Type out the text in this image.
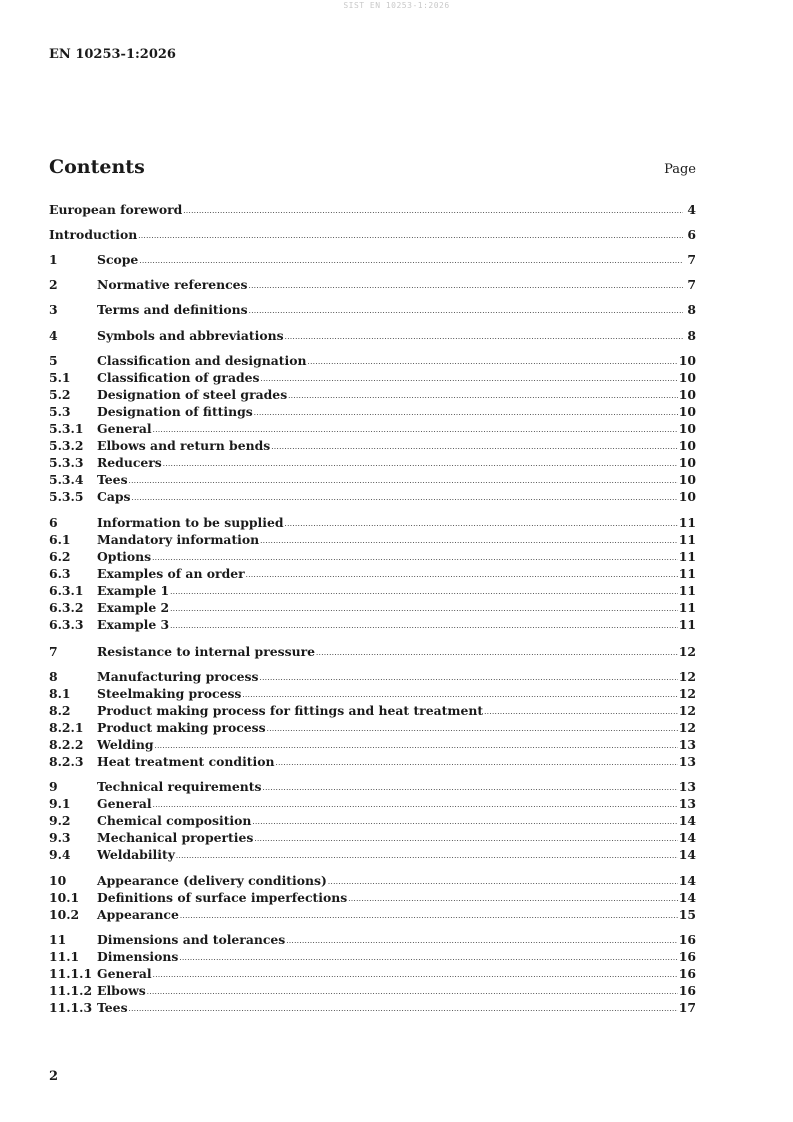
SIST EN 10253-1:2026
EN 10253-1:2026
Contents	Page
European foreword .....	4
Introduction .....	6
1	Scope .....	7
2	Normative references .....	7
3	Terms and definitions .....	8
4	Symbols and abbreviations .....	8
5	Classification and designation .....	10
5.1	Classification of grades .....	10
5.2	Designation of steel grades .....	10
5.3	Designation of fittings .....	10
5.3.1	General .....	10
5.3.2	Elbows and return bends .....	10
5.3.3	Reducers .....	10
5.3.4	Tees .....	10
5.3.5	Caps .....	10
6	Information to be supplied .....	11
6.1	Mandatory information .....	11
6.2	Options .....	11
6.3	Examples of an order .....	11
6.3.1	Example 1 .....	11
6.3.2	Example 2 .....	11
6.3.3	Example 3 .....	11
7	Resistance to internal pressure .....	12
8	Manufacturing process .....	12
8.1	Steelmaking process .....	12
8.2	Product making process for fittings and heat treatment .....	12
8.2.1	Product making process .....	12
8.2.2	Welding .....	13
8.2.3	Heat treatment condition .....	13
9	Technical requirements .....	13
9.1	General .....	13
9.2	Chemical composition .....	14
9.3	Mechanical properties .....	14
9.4	Weldability .....	14
10	Appearance (delivery conditions) .....	14
10.1	Definitions of surface imperfections .....	14
10.2	Appearance .....	15
11	Dimensions and tolerances .....	16
11.1	Dimensions .....	16
11.1.1 General .....	16
11.1.2 Elbows .....	16
11.1.3 Tees .....	17
2
